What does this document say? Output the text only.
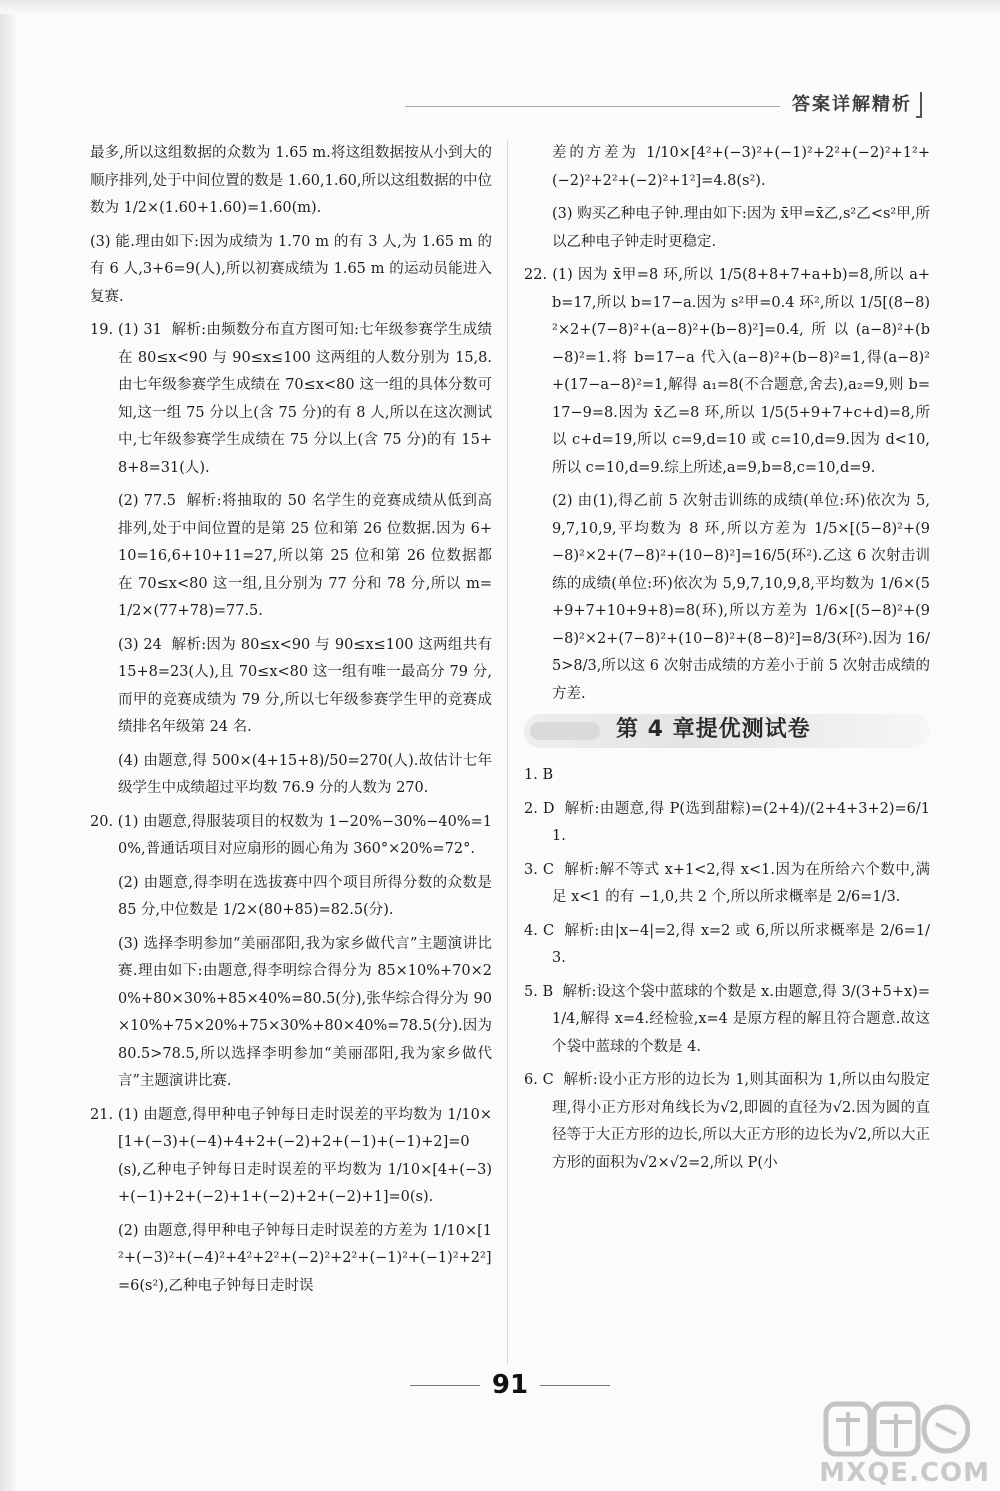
答案详解精析

最多,所以这组数据的众数为 1.65 m.将这组数据按从小到大的顺序排列,处于中间位置的数是 1.60,1.60,所以这组数据的中位数为 1/2×(1.60+1.60)=1.60(m).

(3) 能.理由如下:因为成绩为 1.70 m 的有 3 人,为 1.65 m 的有 6 人,3+6=9(人),所以初赛成绩为 1.65 m 的运动员能进入复赛.

19. (1) 31  解析:由频数分布直方图可知:七年级参赛学生成绩在 80≤x<90 与 90≤x≤100 这两组的人数分别为 15,8.由七年级参赛学生成绩在 70≤x<80 这一组的具体分数可知,这一组 75 分以上(含 75 分)的有 8 人,所以在这次测试中,七年级参赛学生成绩在 75 分以上(含 75 分)的有 15+8+8=31(人).

(2) 77.5  解析:将抽取的 50 名学生的竞赛成绩从低到高排列,处于中间位置的是第 25 位和第 26 位数据.因为 6+10=16,6+10+11=27,所以第 25 位和第 26 位数据都在 70≤x<80 这一组,且分别为 77 分和 78 分,所以 m=1/2×(77+78)=77.5.

(3) 24  解析:因为 80≤x<90 与 90≤x≤100 这两组共有 15+8=23(人),且 70≤x<80 这一组有唯一最高分 79 分,而甲的竞赛成绩为 79 分,所以七年级参赛学生甲的竞赛成绩排名年级第 24 名.

(4) 由题意,得 500×(4+15+8)/50=270(人).故估计七年级学生中成绩超过平均数 76.9 分的人数为 270.

20. (1) 由题意,得服装项目的权数为 1−20%−30%−40%=10%,普通话项目对应扇形的圆心角为 360°×20%=72°.

(2) 由题意,得李明在选拔赛中四个项目所得分数的众数是 85 分,中位数是 1/2×(80+85)=82.5(分).

(3) 选择李明参加“美丽邵阳,我为家乡做代言”主题演讲比赛.理由如下:由题意,得李明综合得分为 85×10%+70×20%+80×30%+85×40%=80.5(分),张华综合得分为 90×10%+75×20%+75×30%+80×40%=78.5(分).因为 80.5>78.5,所以选择李明参加“美丽邵阳,我为家乡做代言”主题演讲比赛.

21. (1) 由题意,得甲种电子钟每日走时误差的平均数为 1/10×[1+(−3)+(−4)+4+2+(−2)+2+(−1)+(−1)+2]=0(s),乙种电子钟每日走时误差的平均数为 1/10×[4+(−3)+(−1)+2+(−2)+1+(−2)+2+(−2)+1]=0(s).

(2) 由题意,得甲种电子钟每日走时误差的方差为 1/10×[1²+(−3)²+(−4)²+4²+2²+(−2)²+2²+(−1)²+(−1)²+2²]=6(s²),乙种电子钟每日走时误

差的方差为 1/10×[4²+(−3)²+(−1)²+2²+(−2)²+1²+(−2)²+2²+(−2)²+1²]=4.8(s²).

(3) 购买乙种电子钟.理由如下:因为 x̄甲=x̄乙,s²乙<s²甲,所以乙种电子钟走时更稳定.

22. (1) 因为 x̄甲=8 环,所以 1/5(8+8+7+a+b)=8,所以 a+b=17,所以 b=17−a.因为 s²甲=0.4 环²,所以 1/5[(8−8)²×2+(7−8)²+(a−8)²+(b−8)²]=0.4,所以(a−8)²+(b−8)²=1.将 b=17−a 代入(a−8)²+(b−8)²=1,得(a−8)²+(17−a−8)²=1,解得 a₁=8(不合题意,舍去),a₂=9,则 b=17−9=8.因为 x̄乙=8 环,所以 1/5(5+9+7+c+d)=8,所以 c+d=19,所以 c=9,d=10 或 c=10,d=9.因为 d<10,所以 c=10,d=9.综上所述,a=9,b=8,c=10,d=9.

(2) 由(1),得乙前 5 次射击训练的成绩(单位:环)依次为 5,9,7,10,9,平均数为 8 环,所以方差为 1/5×[(5−8)²+(9−8)²×2+(7−8)²+(10−8)²]=16/5(环²).乙这 6 次射击训练的成绩(单位:环)依次为 5,9,7,10,9,8,平均数为 1/6×(5+9+7+10+9+8)=8(环),所以方差为 1/6×[(5−8)²+(9−8)²×2+(7−8)²+(10−8)²+(8−8)²]=8/3(环²).因为 16/5>8/3,所以这 6 次射击成绩的方差小于前 5 次射击成绩的方差.

第 4 章提优测试卷

1. B

2. D  解析:由题意,得 P(选到甜粽)=(2+4)/(2+4+3+2)=6/11.

3. C  解析:解不等式 x+1<2,得 x<1.因为在所给六个数中,满足 x<1 的有 −1,0,共 2 个,所以所求概率是 2/6=1/3.

4. C  解析:由|x−4|=2,得 x=2 或 6,所以所求概率是 2/6=1/3.

5. B  解析:设这个袋中蓝球的个数是 x.由题意,得 3/(3+5+x)=1/4,解得 x=4.经检验,x=4 是原方程的解且符合题意.故这个袋中蓝球的个数是 4.

6. C  解析:设小正方形的边长为 1,则其面积为 1,所以由勾股定理,得小正方形对角线长为√2,即圆的直径为√2.因为圆的直径等于大正方形的边长,所以大正方形的边长为√2,所以大正方形的面积为√2×√2=2,所以 P(小

91
MXQE.COM
